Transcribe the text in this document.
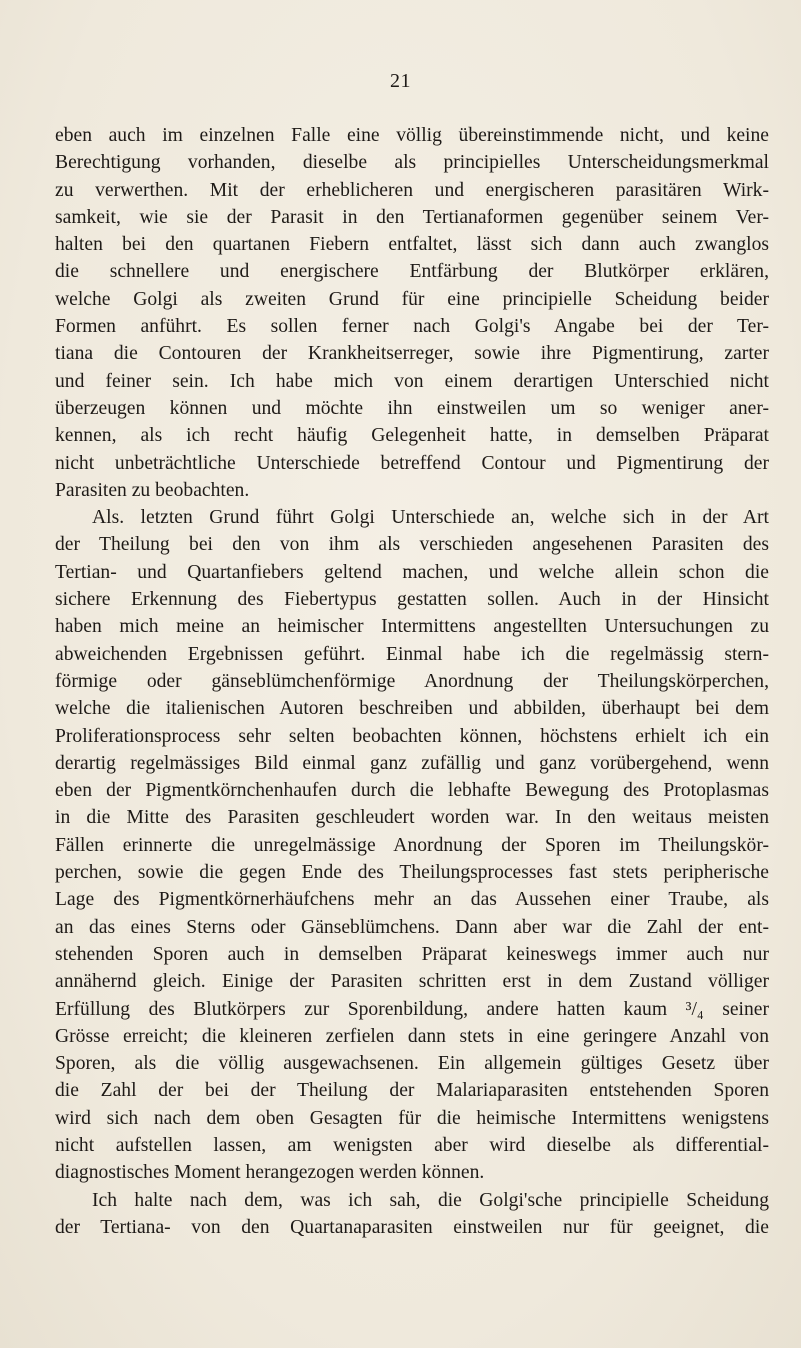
21
eben auch im einzelnen Falle eine völlig übereinstimmende nicht, und keine
Berechtigung vorhanden, dieselbe als principielles Unterscheidungsmerkmal
zu verwerthen. Mit der erheblicheren und energischeren parasitären Wirk-
samkeit, wie sie der Parasit in den Tertianaformen gegenüber seinem Ver-
halten bei den quartanen Fiebern entfaltet, lässt sich dann auch zwanglos
die schnellere und energischere Entfärbung der Blutkörper erklären,
welche Golgi als zweiten Grund für eine principielle Scheidung beider
Formen anführt. Es sollen ferner nach Golgi's Angabe bei der Ter-
tiana die Contouren der Krankheitserreger, sowie ihre Pigmentirung, zarter
und feiner sein. Ich habe mich von einem derartigen Unterschied nicht
überzeugen können und möchte ihn einstweilen um so weniger aner-
kennen, als ich recht häufig Gelegenheit hatte, in demselben Präparat
nicht unbeträchtliche Unterschiede betreffend Contour und Pigmentirung der
Parasiten zu beobachten.
Als. letzten Grund führt Golgi Unterschiede an, welche sich in der Art
der Theilung bei den von ihm als verschieden angesehenen Parasiten des
Tertian- und Quartanfiebers geltend machen, und welche allein schon die
sichere Erkennung des Fiebertypus gestatten sollen. Auch in der Hinsicht
haben mich meine an heimischer Intermittens angestellten Untersuchungen zu
abweichenden Ergebnissen geführt. Einmal habe ich die regelmässig stern-
förmige oder gänseblümchenförmige Anordnung der Theilungskörperchen,
welche die italienischen Autoren beschreiben und abbilden, überhaupt bei dem
Proliferationsprocess sehr selten beobachten können, höchstens erhielt ich ein
derartig regelmässiges Bild einmal ganz zufällig und ganz vorübergehend, wenn
eben der Pigmentkörnchenhaufen durch die lebhafte Bewegung des Protoplasmas
in die Mitte des Parasiten geschleudert worden war. In den weitaus meisten
Fällen erinnerte die unregelmässige Anordnung der Sporen im Theilungskör-
perchen, sowie die gegen Ende des Theilungsprocesses fast stets peripherische
Lage des Pigmentkörnerhäufchens mehr an das Aussehen einer Traube, als
an das eines Sterns oder Gänseblümchens. Dann aber war die Zahl der ent-
stehenden Sporen auch in demselben Präparat keineswegs immer auch nur
annähernd gleich. Einige der Parasiten schritten erst in dem Zustand völliger
Erfüllung des Blutkörpers zur Sporenbildung, andere hatten kaum ³/₄ seiner
Grösse erreicht; die kleineren zerfielen dann stets in eine geringere Anzahl von
Sporen, als die völlig ausgewachsenen. Ein allgemein gültiges Gesetz über
die Zahl der bei der Theilung der Malariaparasiten entstehenden Sporen
wird sich nach dem oben Gesagten für die heimische Intermittens wenigstens
nicht aufstellen lassen, am wenigsten aber wird dieselbe als differential-
diagnostisches Moment herangezogen werden können.
Ich halte nach dem, was ich sah, die Golgi'sche principielle Scheidung
der Tertiana- von den Quartanaparasiten einstweilen nur für geeignet, die
